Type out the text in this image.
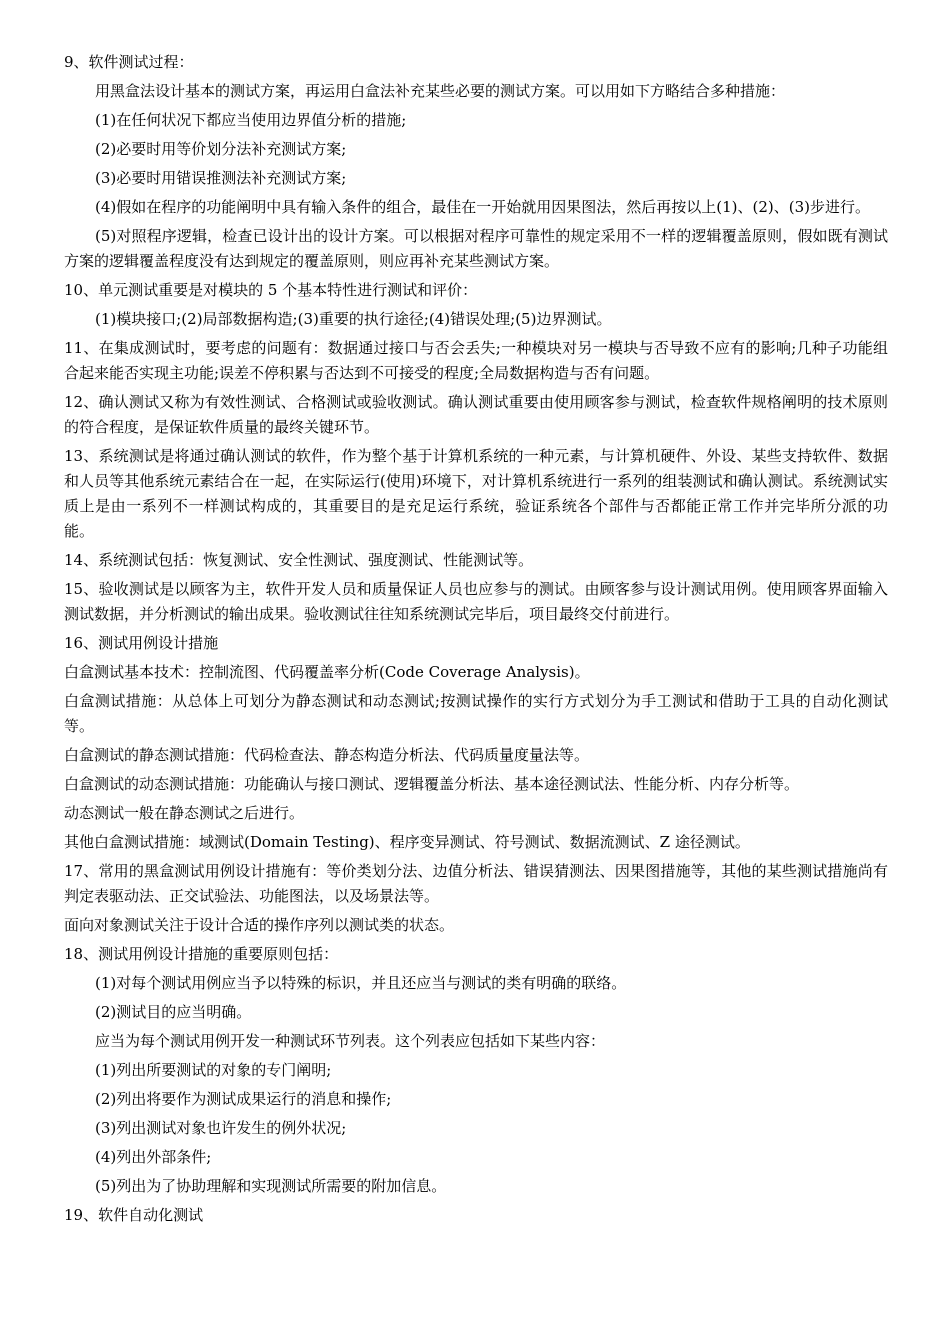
9、软件测试过程：

用黑盒法设计基本的测试方案，再运用白盒法补充某些必要的测试方案。可以用如下方略结合多种措施：

(1)在任何状况下都应当使用边界值分析的措施;

(2)必要时用等价划分法补充测试方案;

(3)必要时用错误推测法补充测试方案;

(4)假如在程序的功能阐明中具有输入条件的组合，最佳在一开始就用因果图法，然后再按以上(1)、(2)、(3)步进行。

(5)对照程序逻辑，检查已设计出的设计方案。可以根据对程序可靠性的规定采用不一样的逻辑覆盖原则，假如既有测试方案的逻辑覆盖程度没有达到规定的覆盖原则，则应再补充某些测试方案。

10、单元测试重要是对模块的 5 个基本特性进行测试和评价：

(1)模块接口;(2)局部数据构造;(3)重要的执行途径;(4)错误处理;(5)边界测试。

11、在集成测试时，要考虑的问题有：数据通过接口与否会丢失;一种模块对另一模块与否导致不应有的影响;几种子功能组合起来能否实现主功能;误差不停积累与否达到不可接受的程度;全局数据构造与否有问题。

12、确认测试又称为有效性测试、合格测试或验收测试。确认测试重要由使用顾客参与测试，检查软件规格阐明的技术原则的符合程度，是保证软件质量的最终关键环节。

13、系统测试是将通过确认测试的软件，作为整个基于计算机系统的一种元素，与计算机硬件、外设、某些支持软件、数据和人员等其他系统元素结合在一起，在实际运行(使用)环境下，对计算机系统进行一系列的组装测试和确认测试。系统测试实质上是由一系列不一样测试构成的，其重要目的是充足运行系统，验证系统各个部件与否都能正常工作并完毕所分派的功能。

14、系统测试包括：恢复测试、安全性测试、强度测试、性能测试等。

15、验收测试是以顾客为主，软件开发人员和质量保证人员也应参与的测试。由顾客参与设计测试用例。使用顾客界面输入测试数据，并分析测试的输出成果。验收测试往往知系统测试完毕后，项目最终交付前进行。

16、测试用例设计措施

白盒测试基本技术：控制流图、代码覆盖率分析(Code Coverage Analysis)。

白盒测试措施：从总体上可划分为静态测试和动态测试;按测试操作的实行方式划分为手工测试和借助于工具的自动化测试等。

白盒测试的静态测试措施：代码检查法、静态构造分析法、代码质量度量法等。

白盒测试的动态测试措施：功能确认与接口测试、逻辑覆盖分析法、基本途径测试法、性能分析、内存分析等。

动态测试一般在静态测试之后进行。

其他白盒测试措施：域测试(Domain Testing)、程序变异测试、符号测试、数据流测试、Z 途径测试。

17、常用的黑盒测试用例设计措施有：等价类划分法、边值分析法、错误猜测法、因果图措施等，其他的某些测试措施尚有判定表驱动法、正交试验法、功能图法，以及场景法等。

面向对象测试关注于设计合适的操作序列以测试类的状态。

18、测试用例设计措施的重要原则包括：

(1)对每个测试用例应当予以特殊的标识，并且还应当与测试的类有明确的联络。

(2)测试目的应当明确。

应当为每个测试用例开发一种测试环节列表。这个列表应包括如下某些内容：

(1)列出所要测试的对象的专门阐明;

(2)列出将要作为测试成果运行的消息和操作;

(3)列出测试对象也许发生的例外状况;

(4)列出外部条件;

(5)列出为了协助理解和实现测试所需要的附加信息。

19、软件自动化测试
